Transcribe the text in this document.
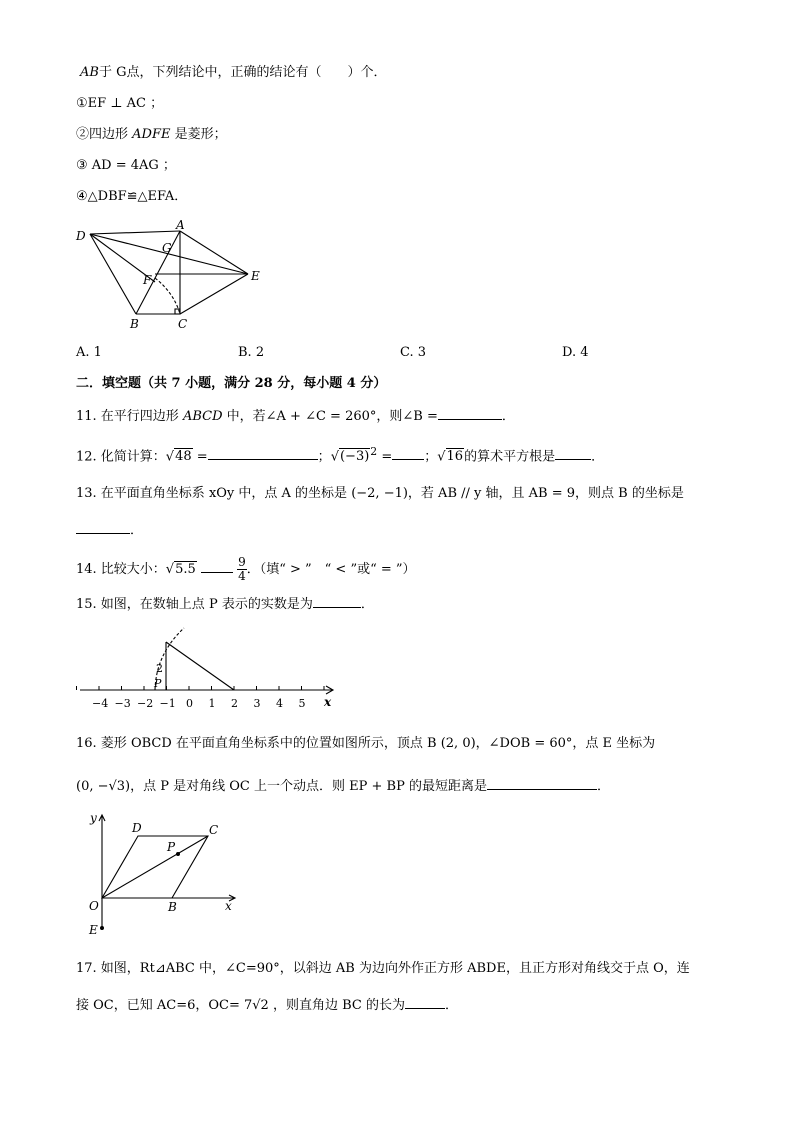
AB于 G点，下列结论中，正确的结论有（　　）个．
①EF ⊥ AC ；
②四边形 ADFE 是菱形；
③ AD = 4AG ；
④△DBF≌△EFA．
D
A
G
E
F
B	C
A. 1	B. 2	C. 3	D. 4
二．填空题（共 7 小题，满分 28 分，每小题 4 分）
11. 在平行四边形 ABCD 中，若∠A + ∠C = 260°，则∠B =	．
12. 化简计算：√48 =	；$√(-3)^2$ = ；√16的算术平方根是	．
13. 在平面直角坐标系 xOy 中，点 A 的坐标是 (−2, −1)，若 AB // y 轴，且 AB = 9，则点 B 的坐标是
．
14. 比较大小：√5.5	$\frac{9}{4}$ ．（填“ > ”　“ < ”或“ = ”）
15. 如图，在数轴上点 P 表示的实数是为	．
−4 −3 −2 −1 0 1 2 3 4 5
2
P
x
16. 菱形 OBCD 在平面直角坐标系中的位置如图所示，顶点 B (2, 0)，∠DOB = 60°，点 E 坐标为
(0, −√3)，点 P 是对角线 OC 上一个动点．则 EP + BP 的最短距离是	．
y
D	C
P
O	B	x
E
17. 如图，Rt⊿ABC 中，∠C=90°，以斜边 AB 为边向外作正方形 ABDE，且正方形对角线交于点 O，连
接 OC，已知 AC=6，OC= 7√2 ，则直角边 BC 的长为	．
